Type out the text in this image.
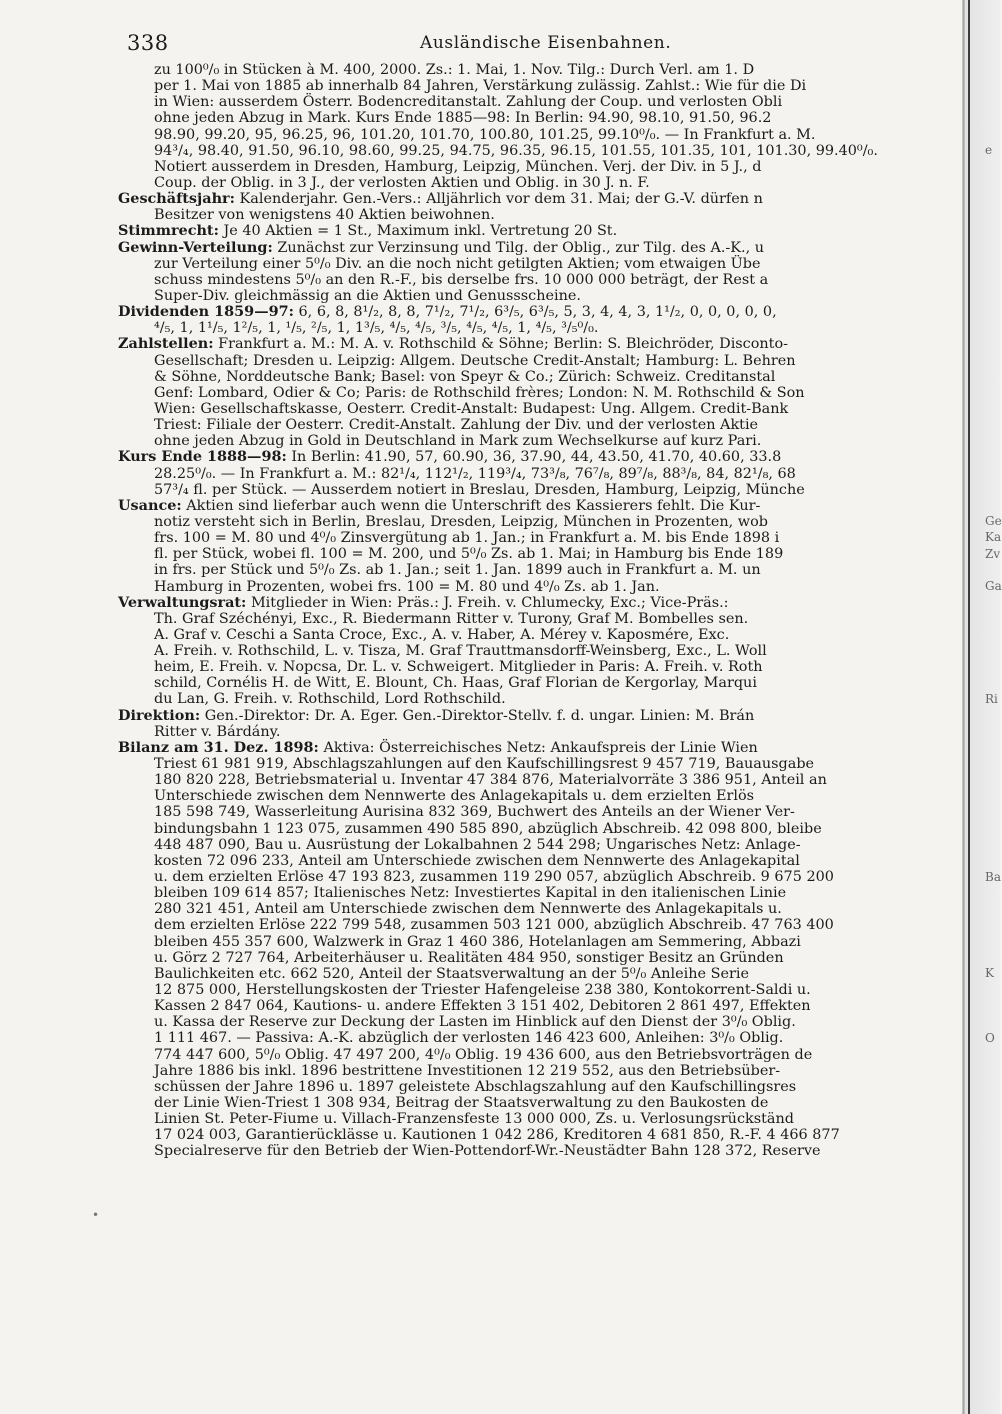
338	Ausländische Eisenbahnen.
zu 100⁰/₀ in Stücken à M. 400, 2000. Zs.: 1. Mai, 1. Nov. Tilg.: Durch Verl. am 1. D
per 1. Mai von 1885 ab innerhalb 84 Jahren, Verstärkung zulässig. Zahlst.: Wie für die Di
in Wien: ausserdem Österr. Bodencreditanstalt. Zahlung der Coup. und verlosten Obli
ohne jeden Abzug in Mark. Kurs Ende 1885—98: In Berlin: 94.90, 98.10, 91.50, 96.2
98.90, 99.20, 95, 96.25, 96, 101.20, 101.70, 100.80, 101.25, 99.10⁰/₀. — In Frankfurt a. M.
94³/₄, 98.40, 91.50, 96.10, 98.60, 99.25, 94.75, 96.35, 96.15, 101.55, 101.35, 101, 101.30, 99.40⁰/₀.
Notiert ausserdem in Dresden, Hamburg, Leipzig, München. Verj. der Div. in 5 J., d
Coup. der Oblig. in 3 J., der verlosten Aktien und Oblig. in 30 J. n. F.
Geschäftsjahr: Kalenderjahr. Gen.-Vers.: Alljährlich vor dem 31. Mai; der G.-V. dürfen n
Besitzer von wenigstens 40 Aktien beiwohnen.
Stimmrecht: Je 40 Aktien = 1 St., Maximum inkl. Vertretung 20 St.
Gewinn-Verteilung: Zunächst zur Verzinsung und Tilg. der Oblig., zur Tilg. des A.-K., u
zur Verteilung einer 5⁰/₀ Div. an die noch nicht getilgten Aktien; vom etwaigen Übe
schuss mindestens 5⁰/₀ an den R.-F., bis derselbe frs. 10 000 000 beträgt, der Rest a
Super-Div. gleichmässig an die Aktien und Genussscheine.
Dividenden 1859—97: 6, 6, 8, 8¹/₂, 8, 8, 7¹/₂, 7¹/₂, 6³/₅, 6³/₅, 5, 3, 4, 4, 3, 1¹/₂, 0, 0, 0, 0, 0,
⁴/₅, 1, 1¹/₅, 1²/₅, 1, ¹/₅, ²/₅, 1, 1³/₅, ⁴/₅, ⁴/₅, ³/₅, ⁴/₅, ⁴/₅, 1, ⁴/₅, ³/₅⁰/₀.
Zahlstellen: Frankfurt a. M.: M. A. v. Rothschild & Söhne; Berlin: S. Bleichröder, Disconto-
Gesellschaft; Dresden u. Leipzig: Allgem. Deutsche Credit-Anstalt; Hamburg: L. Behren
& Söhne, Norddeutsche Bank; Basel: von Speyr & Co.; Zürich: Schweiz. Creditanstal
Genf: Lombard, Odier & Co; Paris: de Rothschild frères; London: N. M. Rothschild & Son
Wien: Gesellschaftskasse, Oesterr. Credit-Anstalt: Budapest: Ung. Allgem. Credit-Bank
Triest: Filiale der Oesterr. Credit-Anstalt. Zahlung der Div. und der verlosten Aktie
ohne jeden Abzug in Gold in Deutschland in Mark zum Wechselkurse auf kurz Pari.
Kurs Ende 1888—98: In Berlin: 41.90, 57, 60.90, 36, 37.90, 44, 43.50, 41.70, 40.60, 33.8
28.25⁰/₀. — In Frankfurt a. M.: 82¹/₄, 112¹/₂, 119³/₄, 73³/₈, 76⁷/₈, 89⁷/₈, 88³/₈, 84, 82¹/₈, 68
57³/₄ fl. per Stück. — Ausserdem notiert in Breslau, Dresden, Hamburg, Leipzig, Münche
Usance: Aktien sind lieferbar auch wenn die Unterschrift des Kassierers fehlt. Die Kur-
notiz versteht sich in Berlin, Breslau, Dresden, Leipzig, München in Prozenten, wob
frs. 100 = M. 80 und 4⁰/₀ Zinsvergütung ab 1. Jan.; in Frankfurt a. M. bis Ende 1898 i
fl. per Stück, wobei fl. 100 = M. 200, und 5⁰/₀ Zs. ab 1. Mai; in Hamburg bis Ende 189
in frs. per Stück und 5⁰/₀ Zs. ab 1. Jan.; seit 1. Jan. 1899 auch in Frankfurt a. M. un
Hamburg in Prozenten, wobei frs. 100 = M. 80 und 4⁰/₀ Zs. ab 1. Jan.
Verwaltungsrat: Mitglieder in Wien: Präs.: J. Freih. v. Chlumecky, Exc.; Vice-Präs.:
Th. Graf Széchényi, Exc., R. Biedermann Ritter v. Turony, Graf M. Bombelles sen.
A. Graf v. Ceschi a Santa Croce, Exc., A. v. Haber, A. Mérey v. Kaposmére, Exc.
A. Freih. v. Rothschild, L. v. Tisza, M. Graf Trauttmansdorff-Weinsberg, Exc., L. Woll
heim, E. Freih. v. Nopcsa, Dr. L. v. Schweigert. Mitglieder in Paris: A. Freih. v. Roth
schild, Cornélis H. de Witt, E. Blount, Ch. Haas, Graf Florian de Kergorlay, Marqui
du Lan, G. Freih. v. Rothschild, Lord Rothschild.
Direktion: Gen.-Direktor: Dr. A. Eger. Gen.-Direktor-Stellv. f. d. ungar. Linien: M. Brán
Ritter v. Bárdány.
Bilanz am 31. Dez. 1898: Aktiva: Österreichisches Netz: Ankaufspreis der Linie Wien
Triest 61 981 919, Abschlagszahlungen auf den Kaufschillingsrest 9 457 719, Bauausgabe
180 820 228, Betriebsmaterial u. Inventar 47 384 876, Materialvorräte 3 386 951, Anteil an
Unterschiede zwischen dem Nennwerte des Anlagekapitals u. dem erzielten Erlös
185 598 749, Wasserleitung Aurisina 832 369, Buchwert des Anteils an der Wiener Ver-
bindungsbahn 1 123 075, zusammen 490 585 890, abzüglich Abschreib. 42 098 800, bleibe
448 487 090, Bau u. Ausrüstung der Lokalbahnen 2 544 298; Ungarisches Netz: Anlage-
kosten 72 096 233, Anteil am Unterschiede zwischen dem Nennwerte des Anlagekapital
u. dem erzielten Erlöse 47 193 823, zusammen 119 290 057, abzüglich Abschreib. 9 675 200
bleiben 109 614 857; Italienisches Netz: Investiertes Kapital in den italienischen Linie
280 321 451, Anteil am Unterschiede zwischen dem Nennwerte des Anlagekapitals u.
dem erzielten Erlöse 222 799 548, zusammen 503 121 000, abzüglich Abschreib. 47 763 400
bleiben 455 357 600, Walzwerk in Graz 1 460 386, Hotelanlagen am Semmering, Abbazi
u. Görz 2 727 764, Arbeiterhäuser u. Realitäten 484 950, sonstiger Besitz an Gründen
Baulichkeiten etc. 662 520, Anteil der Staatsverwaltung an der 5⁰/₀ Anleihe Serie
12 875 000, Herstellungskosten der Triester Hafengeleise 238 380, Kontokorrent-Saldi u.
Kassen 2 847 064, Kautions- u. andere Effekten 3 151 402, Debitoren 2 861 497, Effekten
u. Kassa der Reserve zur Deckung der Lasten im Hinblick auf den Dienst der 3⁰/₀ Oblig.
1 111 467. — Passiva: A.-K. abzüglich der verlosten 146 423 600, Anleihen: 3⁰/₀ Oblig.
774 447 600, 5⁰/₀ Oblig. 47 497 200, 4⁰/₀ Oblig. 19 436 600, aus den Betriebsvorträgen de
Jahre 1886 bis inkl. 1896 bestrittene Investitionen 12 219 552, aus den Betriebsüber-
schüssen der Jahre 1896 u. 1897 geleistete Abschlagszahlung auf den Kaufschillingsres
der Linie Wien-Triest 1 308 934, Beitrag der Staatsverwaltung zu den Baukosten de
Linien St. Peter-Fiume u. Villach-Franzensfeste 13 000 000, Zs. u. Verlosungsrückständ
17 024 003, Garantierücklässe u. Kautionen 1 042 286, Kreditoren 4 681 850, R.-F. 4 466 877
Specialreserve für den Betrieb der Wien-Pottendorf-Wr.-Neustädter Bahn 128 372, Reserve
e
Ge
Ka
Zv
Ga
Ri
Ba
K
O
•
